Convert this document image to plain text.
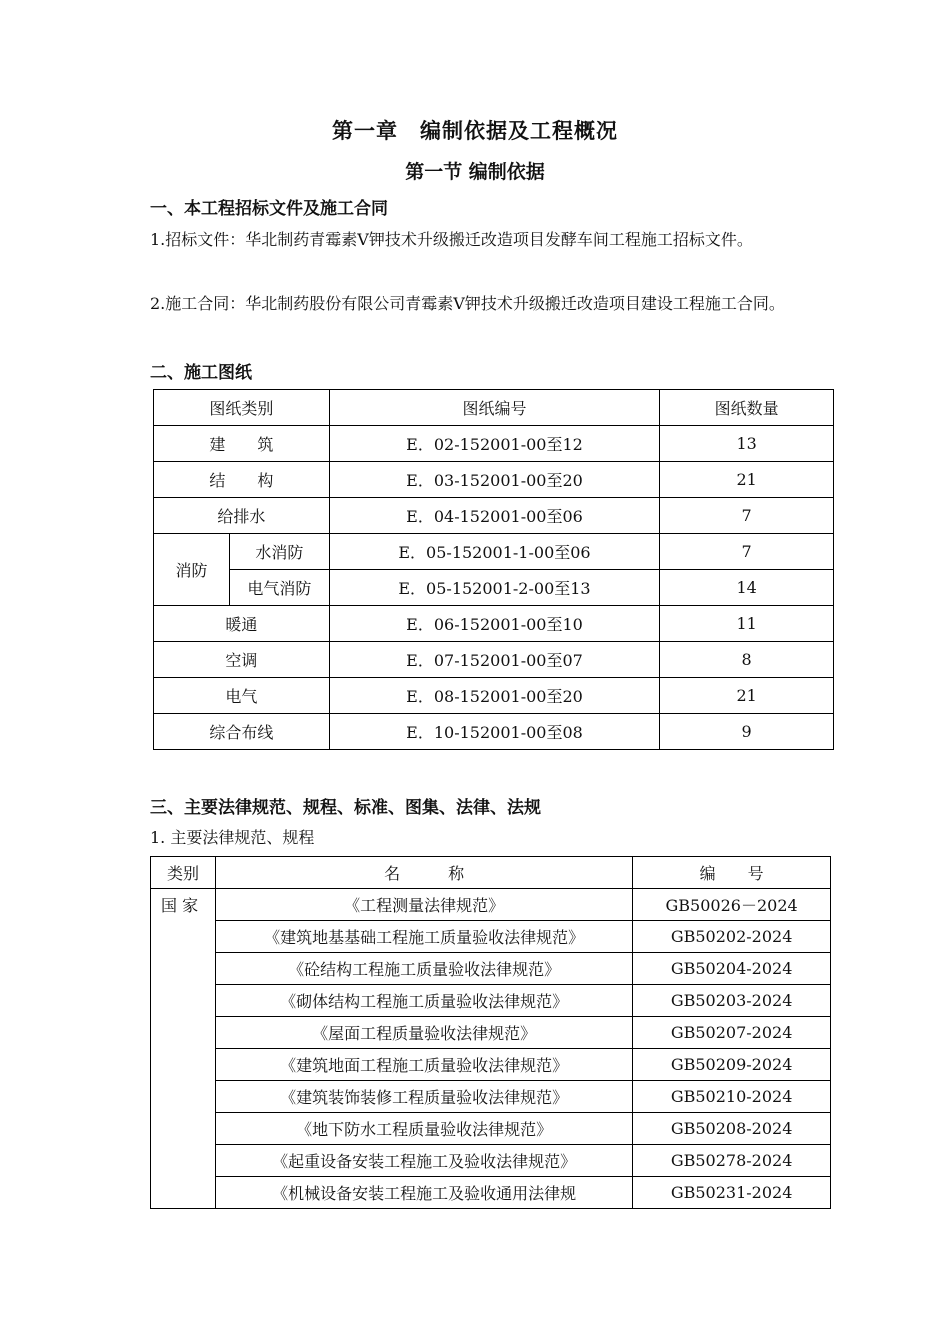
第一章　编制依据及工程概况
第一节 编制依据
一、本工程招标文件及施工合同
1.招标文件：华北制药青霉素Ⅴ钾技术升级搬迁改造项目发酵车间工程施工招标文件。
2.施工合同：华北制药股份有限公司青霉素Ⅴ钾技术升级搬迁改造项目建设工程施工合同。
二、施工图纸
图纸类别		图纸编号	图纸数量
建　　筑		E．02-152001-00至12	13
结　　构		E．03-152001-00至20	21
给排水		E．04-152001-00至06	7
消防	水消防	E．05-152001-1-00至06	7
	电气消防	E．05-152001-2-00至13	14
暖通		E．06-152001-00至10	11
空调		E．07-152001-00至07	8
电气		E．08-152001-00至20	21
综合布线		E．10-152001-00至08	9
三、主要法律规范、规程、标准、图集、法律、法规
1. 主要法律规范、规程
类别	名　　　称	编　　号
国 家	《工程测量法律规范》	GB50026－2024
	《建筑地基基础工程施工质量验收法律规范》	GB50202-2024
	《砼结构工程施工质量验收法律规范》	GB50204-2024
	《砌体结构工程施工质量验收法律规范》	GB50203-2024
	《屋面工程质量验收法律规范》	GB50207-2024
	《建筑地面工程施工质量验收法律规范》	GB50209-2024
	《建筑装饰装修工程质量验收法律规范》	GB50210-2024
	《地下防水工程质量验收法律规范》	GB50208-2024
	《起重设备安装工程施工及验收法律规范》	GB50278-2024
	《机械设备安装工程施工及验收通用法律规	GB50231-2024
